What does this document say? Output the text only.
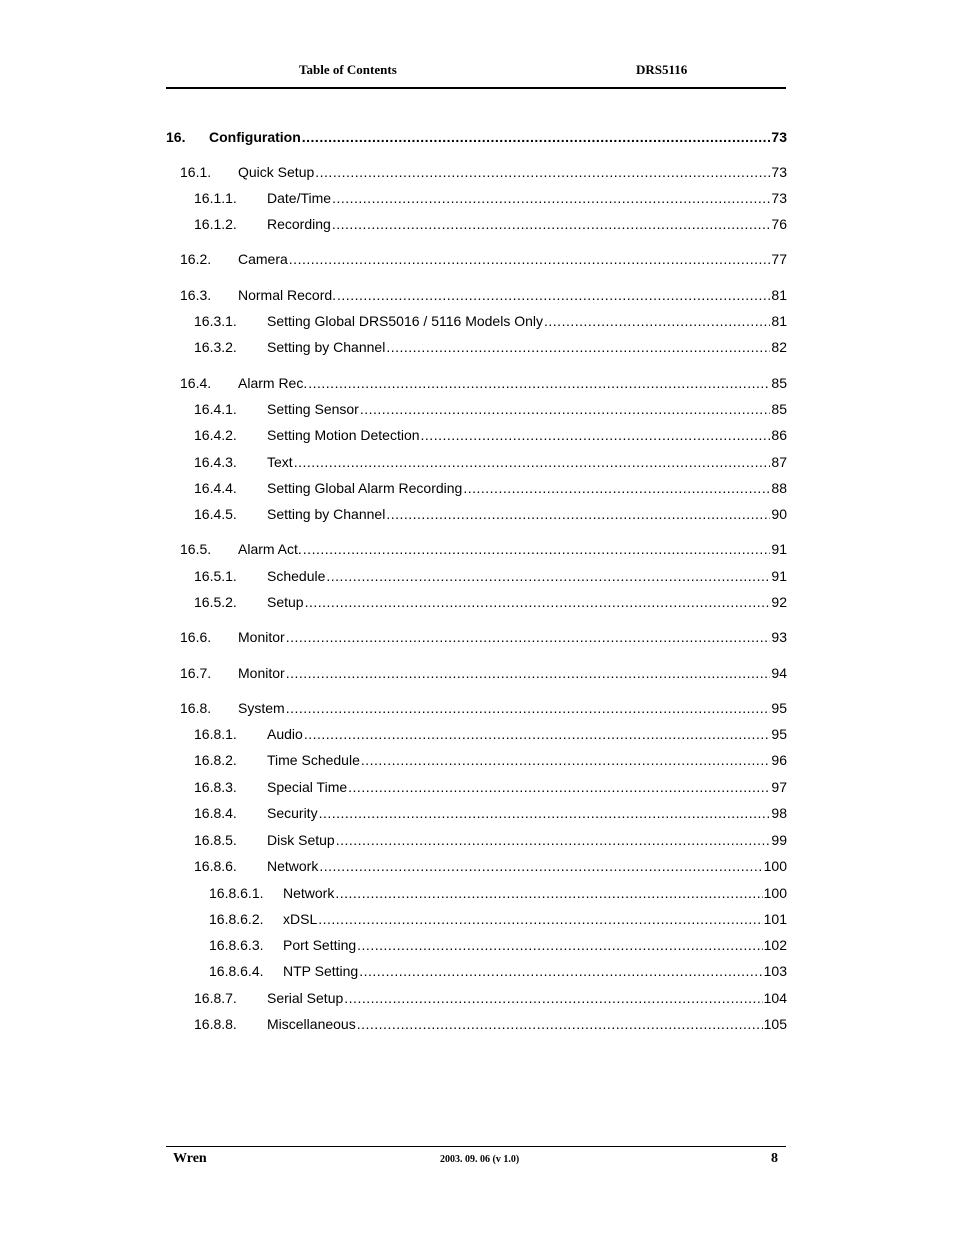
Table of Contents	DRS5116
16.	Configuration .....	73
16.1.	Quick Setup .....	73
16.1.1.	Date/Time .....	73
16.1.2.	Recording .....	76
16.2.	Camera .....	77
16.3.	Normal Record. .....	81
16.3.1.	Setting Global DRS5016 / 5116 Models Only .....	81
16.3.2.	Setting by Channel .....	82
16.4.	Alarm Rec. .....	85
16.4.1.	Setting Sensor .....	85
16.4.2.	Setting Motion Detection .....	86
16.4.3.	Text .....	87
16.4.4.	Setting Global Alarm Recording .....	88
16.4.5.	Setting by Channel .....	90
16.5.	Alarm Act. .....	91
16.5.1.	Schedule .....	91
16.5.2.	Setup .....	92
16.6.	Monitor .....	93
16.7.	Monitor .....	94
16.8.	System .....	95
16.8.1.	Audio .....	95
16.8.2.	Time Schedule .....	96
16.8.3.	Special Time .....	97
16.8.4.	Security .....	98
16.8.5.	Disk Setup .....	99
16.8.6.	Network .....	100
16.8.6.1.	Network .....	100
16.8.6.2.	xDSL .....	101
16.8.6.3.	Port Setting .....	102
16.8.6.4.	NTP Setting .....	103
16.8.7.	Serial Setup .....	104
16.8.8.	Miscellaneous .....	105
Wren	2003. 09. 06 (v 1.0)	8
